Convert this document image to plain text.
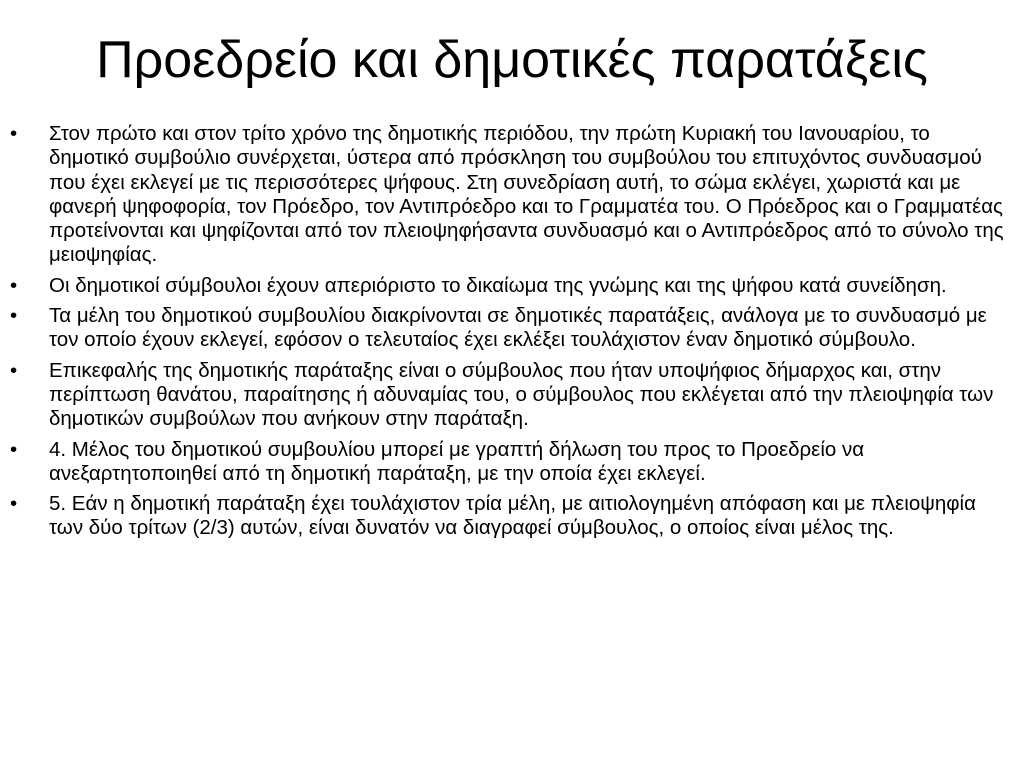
Προεδρείο και δημοτικές παρατάξεις
• Στον πρώτο και στον τρίτο χρόνο της δημοτικής περιόδου, την πρώτη Κυριακή του Ιανουαρίου, το δημοτικό συμβούλιο συνέρχεται, ύστερα από πρόσκληση του συμβούλου του επιτυχόντος συνδυασμού που έχει εκλεγεί με τις περισσότερες ψήφους. Στη συνεδρίαση αυτή, το σώμα εκλέγει, χωριστά και με φανερή ψηφοφορία, τον Πρόεδρο, τον Αντιπρόεδρο και το Γραμματέα του. Ο Πρόεδρος και ο Γραμματέας προτείνονται και ψηφίζονται από τον πλειοψηφήσαντα συνδυασμό και ο Αντιπρόεδρος από το σύνολο της μειοψηφίας.
• Οι δημοτικοί σύμβουλοι έχουν απεριόριστο το δικαίωμα της γνώμης και της ψήφου κατά συνείδηση.
• Τα μέλη του δημοτικού συμβουλίου διακρίνονται σε δημοτικές παρατάξεις, ανάλογα με το συνδυασμό με τον οποίο έχουν εκλεγεί, εφόσον ο τελευταίος έχει εκλέξει τουλάχιστον έναν δημοτικό σύμβουλο.
• Επικεφαλής της δημοτικής παράταξης είναι ο σύμβουλος που ήταν υποψήφιος δήμαρχος και, στην περίπτωση θανάτου, παραίτησης ή αδυναμίας του, ο σύμβουλος που εκλέγεται από την πλειοψηφία των δημοτικών συμβούλων που ανήκουν στην παράταξη.
• 4. Μέλος του δημοτικού συμβουλίου μπορεί με γραπτή δήλωση του προς το Προεδρείο να ανεξαρτητοποιηθεί από τη δημοτική παράταξη, με την οποία έχει εκλεγεί.
• 5. Εάν η δημοτική παράταξη έχει τουλάχιστον τρία μέλη, με αιτιολογημένη απόφαση και με πλειοψηφία των δύο τρίτων (2/3) αυτών, είναι δυνατόν να διαγραφεί σύμβουλος, ο οποίος είναι μέλος της.
